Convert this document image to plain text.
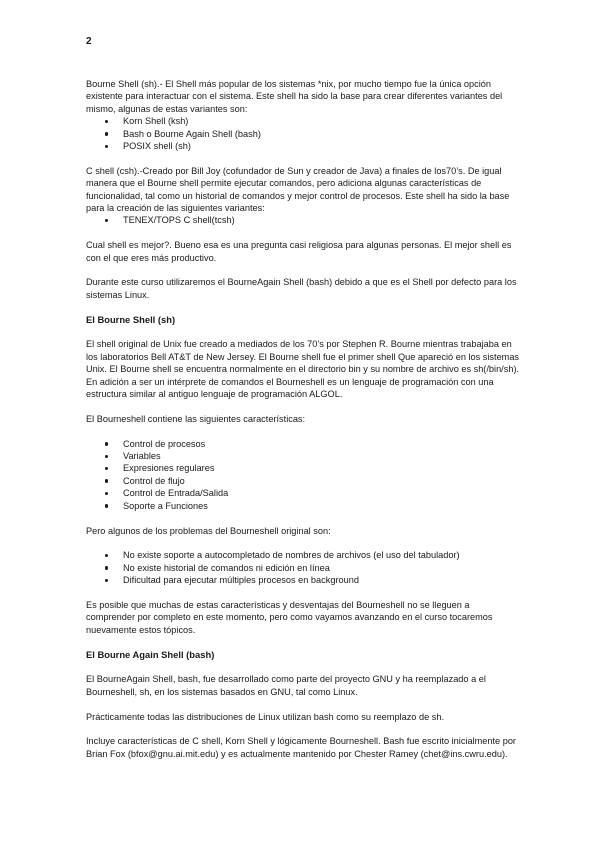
2

Bourne Shell (sh).- El Shell más popular de los sistemas *nix, por mucho tiempo fue la única opción existente para interactuar con el sistema. Este shell ha sido la base para crear diferentes variantes del mismo, algunas de estas variantes son:

Korn Shell (ksh)
Bash o Bourne Again Shell (bash)
POSIX shell (sh)

C shell (csh).-Creado por Bill Joy (cofundador de Sun y creador de Java) a finales de los70’s. De igual manera que el Bourne shell permite ejecutar comandos, pero adiciona algunas características de funcionalidad, tal como un historial de comandos y mejor control de procesos. Este shell ha sido la base para la creación de las siguientes variantes:

TENEX/TOPS C shell(tcsh)

Cual shell es mejor?. Bueno esa es una pregunta casi religiosa para algunas personas. El mejor shell es con el que eres más productivo.

Durante este curso utilizaremos el BourneAgain Shell (bash) debido a que es el Shell por defecto para los sistemas Linux.

El Bourne Shell (sh)

El shell original de Unix fue creado a mediados de los 70’s por Stephen R. Bourne mientras trabajaba en los laboratorios Bell AT&T de New Jersey. El Bourne shell fue el primer shell Que apareció en los sistemas Unix. El Bourne shell se encuentra normalmente en el directorio bin y su nombre de archivo es sh(/bin/sh). En adición a ser un intérprete de comandos el Bourneshell es un lenguaje de programación con una estructura similar al antiguo lenguaje de programación ALGOL.

El Bourneshell contiene las siguientes características:

Control de procesos
Variables
Expresiones regulares
Control de flujo
Control de Entrada/Salida
Soporte a Funciones

Pero algunos de los problemas del Bourneshell original son:

No existe soporte a autocompletado de nombres de archivos (el uso del tabulador)
No existe historial de comandos ni edición en línea
Dificultad para ejecutar múltiples procesos en background

Es posible que muchas de estas características y desventajas del Bourneshell no se lleguen a comprender por completo en este momento, pero como vayamos avanzando en el curso tocaremos nuevamente estos tópicos.

El Bourne Again Shell (bash)

El BourneAgain Shell, bash, fue desarrollado como parte del proyecto GNU y ha reemplazado a el Bourneshell, sh, en los sistemas basados en GNU, tal como Linux.

Prácticamente todas las distribuciones de Linux utilizan bash como su reemplazo de sh.

Incluye características de C shell, Korn Shell y lógicamente Bourneshell. Bash fue escrito inicialmente por Brian Fox (bfox@gnu.ai.mit.edu) y es actualmente mantenido por Chester Ramey (chet@ins.cwru.edu).
